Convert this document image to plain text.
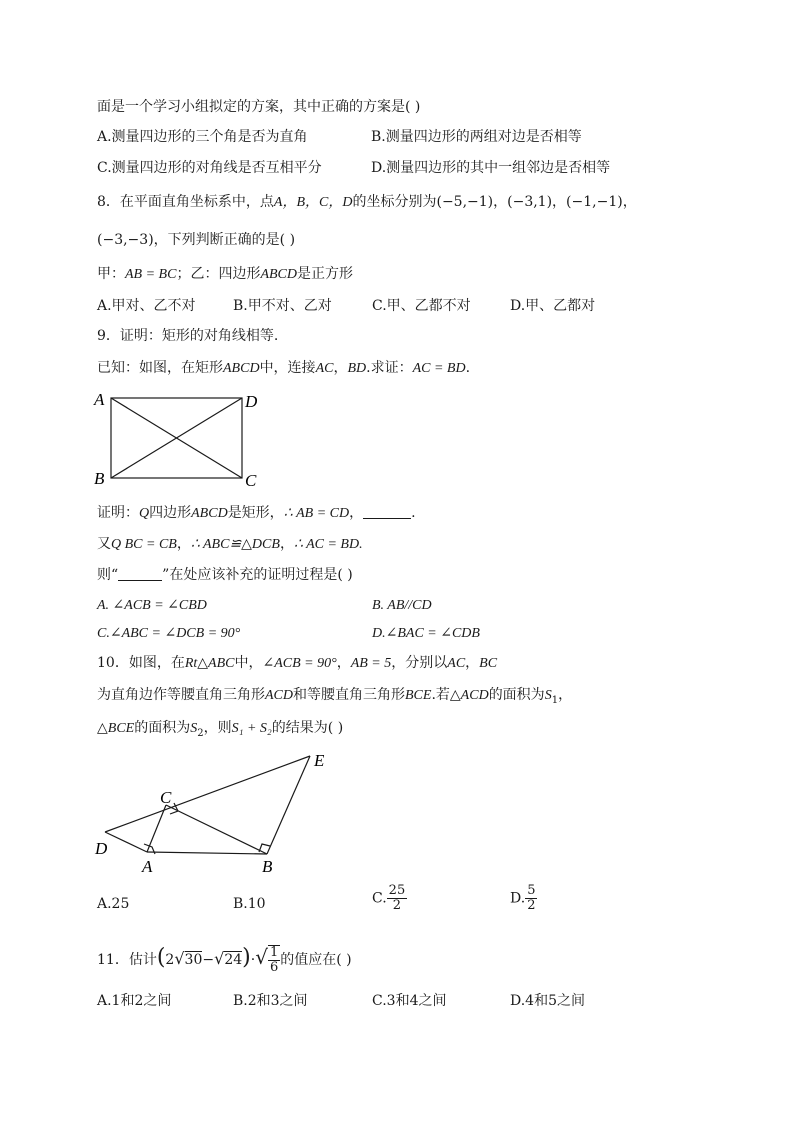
面是一个学习小组拟定的方案，其中正确的方案是( )
A.测量四边形的三个角是否为直角	B.测量四边形的两组对边是否相等
C.测量四边形的对角线是否互相平分	D.测量四边形的其中一组邻边是否相等
8．在平面直角坐标系中，点A，B，C，D的坐标分别为(−5,−1)，(−3,1)，(−1,−1)，
(−3,−3)，下列判断正确的是( )
甲：AB = BC；乙：四边形ABCD是正方形
A.甲对、乙不对	B.甲不对、乙对	C.甲、乙都不对	D.甲、乙都对
9．证明：矩形的对角线相等.
已知：如图，在矩形ABCD中，连接AC，BD.求证：AC = BD.
A	D
B	C
证明：Q四边形ABCD是矩形，∴ AB = CD，	.
又Q BC = CB，∴ ABC≌△DCB，∴ AC = BD.
则“	”在处应该补充的证明过程是( )
A. ∠ACB = ∠CBD	B. AB//CD
C.∠ABC = ∠DCB = 90°	D.∠BAC = ∠CDB
10．如图，在Rt△ABC中，∠ACB = 90°，AB = 5，分别以AC，BC
为直角边作等腰直角三角形ACD和等腰直角三角形BCE.若△ACD的面积为$S_1$，
△BCE的面积为$S_2$，则S₁ + S₂的结果为( )
C
E
D
A	B
A.25	B.10	C. $\frac{25}{2}$	D. $\frac{5}{2}$
11．估计$(2√30-√24)\cdot√ \frac{1}{6}$ 的值应在( )
A.1和2之间	B.2和3之间	C.3和4之间	D.4和5之间
